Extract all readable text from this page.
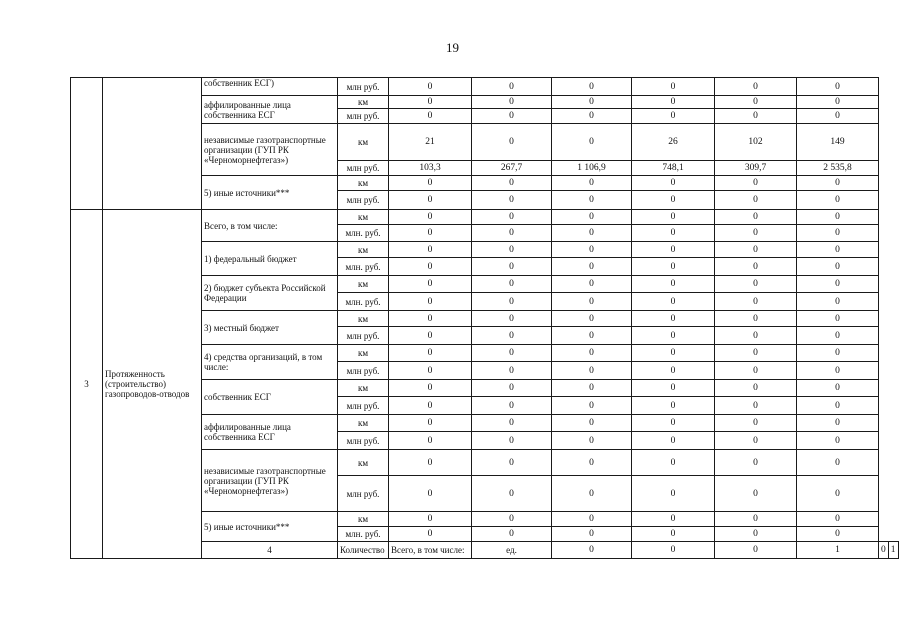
19
		собственник ЕСГ)	млн руб.	0	0	0	0	0	0		
		аффилированные лица собственника ЕСГ	км	0	0	0	0	0	0		
			млн руб.	0	0	0	0	0	0		
		независимые газотранспортные организации (ГУП РК «Черноморнефтегаз»)	км	21	0	0	26	102	149		
			млн руб.	103,3	267,7	1 106,9	748,1	309,7	2 535,8		
		5) иные источники***	км	0	0	0	0	0	0		
			млн руб.	0	0	0	0	0	0		
3	Протяженность (строительство) газопроводов-отводов	Всего, в том числе:	км	0	0	0	0	0	0		
			млн. руб.	0	0	0	0	0	0		
		1) федеральный бюджет	км	0	0	0	0	0	0		
			млн. руб.	0	0	0	0	0	0		
		2) бюджет субъекта Российской Федерации	км	0	0	0	0	0	0		
			млн. руб.	0	0	0	0	0	0		
		3) местный бюджет	км	0	0	0	0	0	0		
			млн руб.	0	0	0	0	0	0		
		4) средства организаций, в том числе:	км	0	0	0	0	0	0		
			млн руб.	0	0	0	0	0	0		
		собственник ЕСГ	км	0	0	0	0	0	0		
			млн руб.	0	0	0	0	0	0		
		аффилированные лица собственника ЕСГ	км	0	0	0	0	0	0		
			млн руб.	0	0	0	0	0	0		
		независимые газотранспортные организации (ГУП РК «Черноморнефтегаз»)	км	0	0	0	0	0	0		
			млн руб.	0	0	0	0	0	0		
		5) иные источники***	км	0	0	0	0	0	0		
			млн. руб.	0	0	0	0	0	0		
		4	Количество	Всего, в том числе:	ед.	0	0	0	1	0	1
